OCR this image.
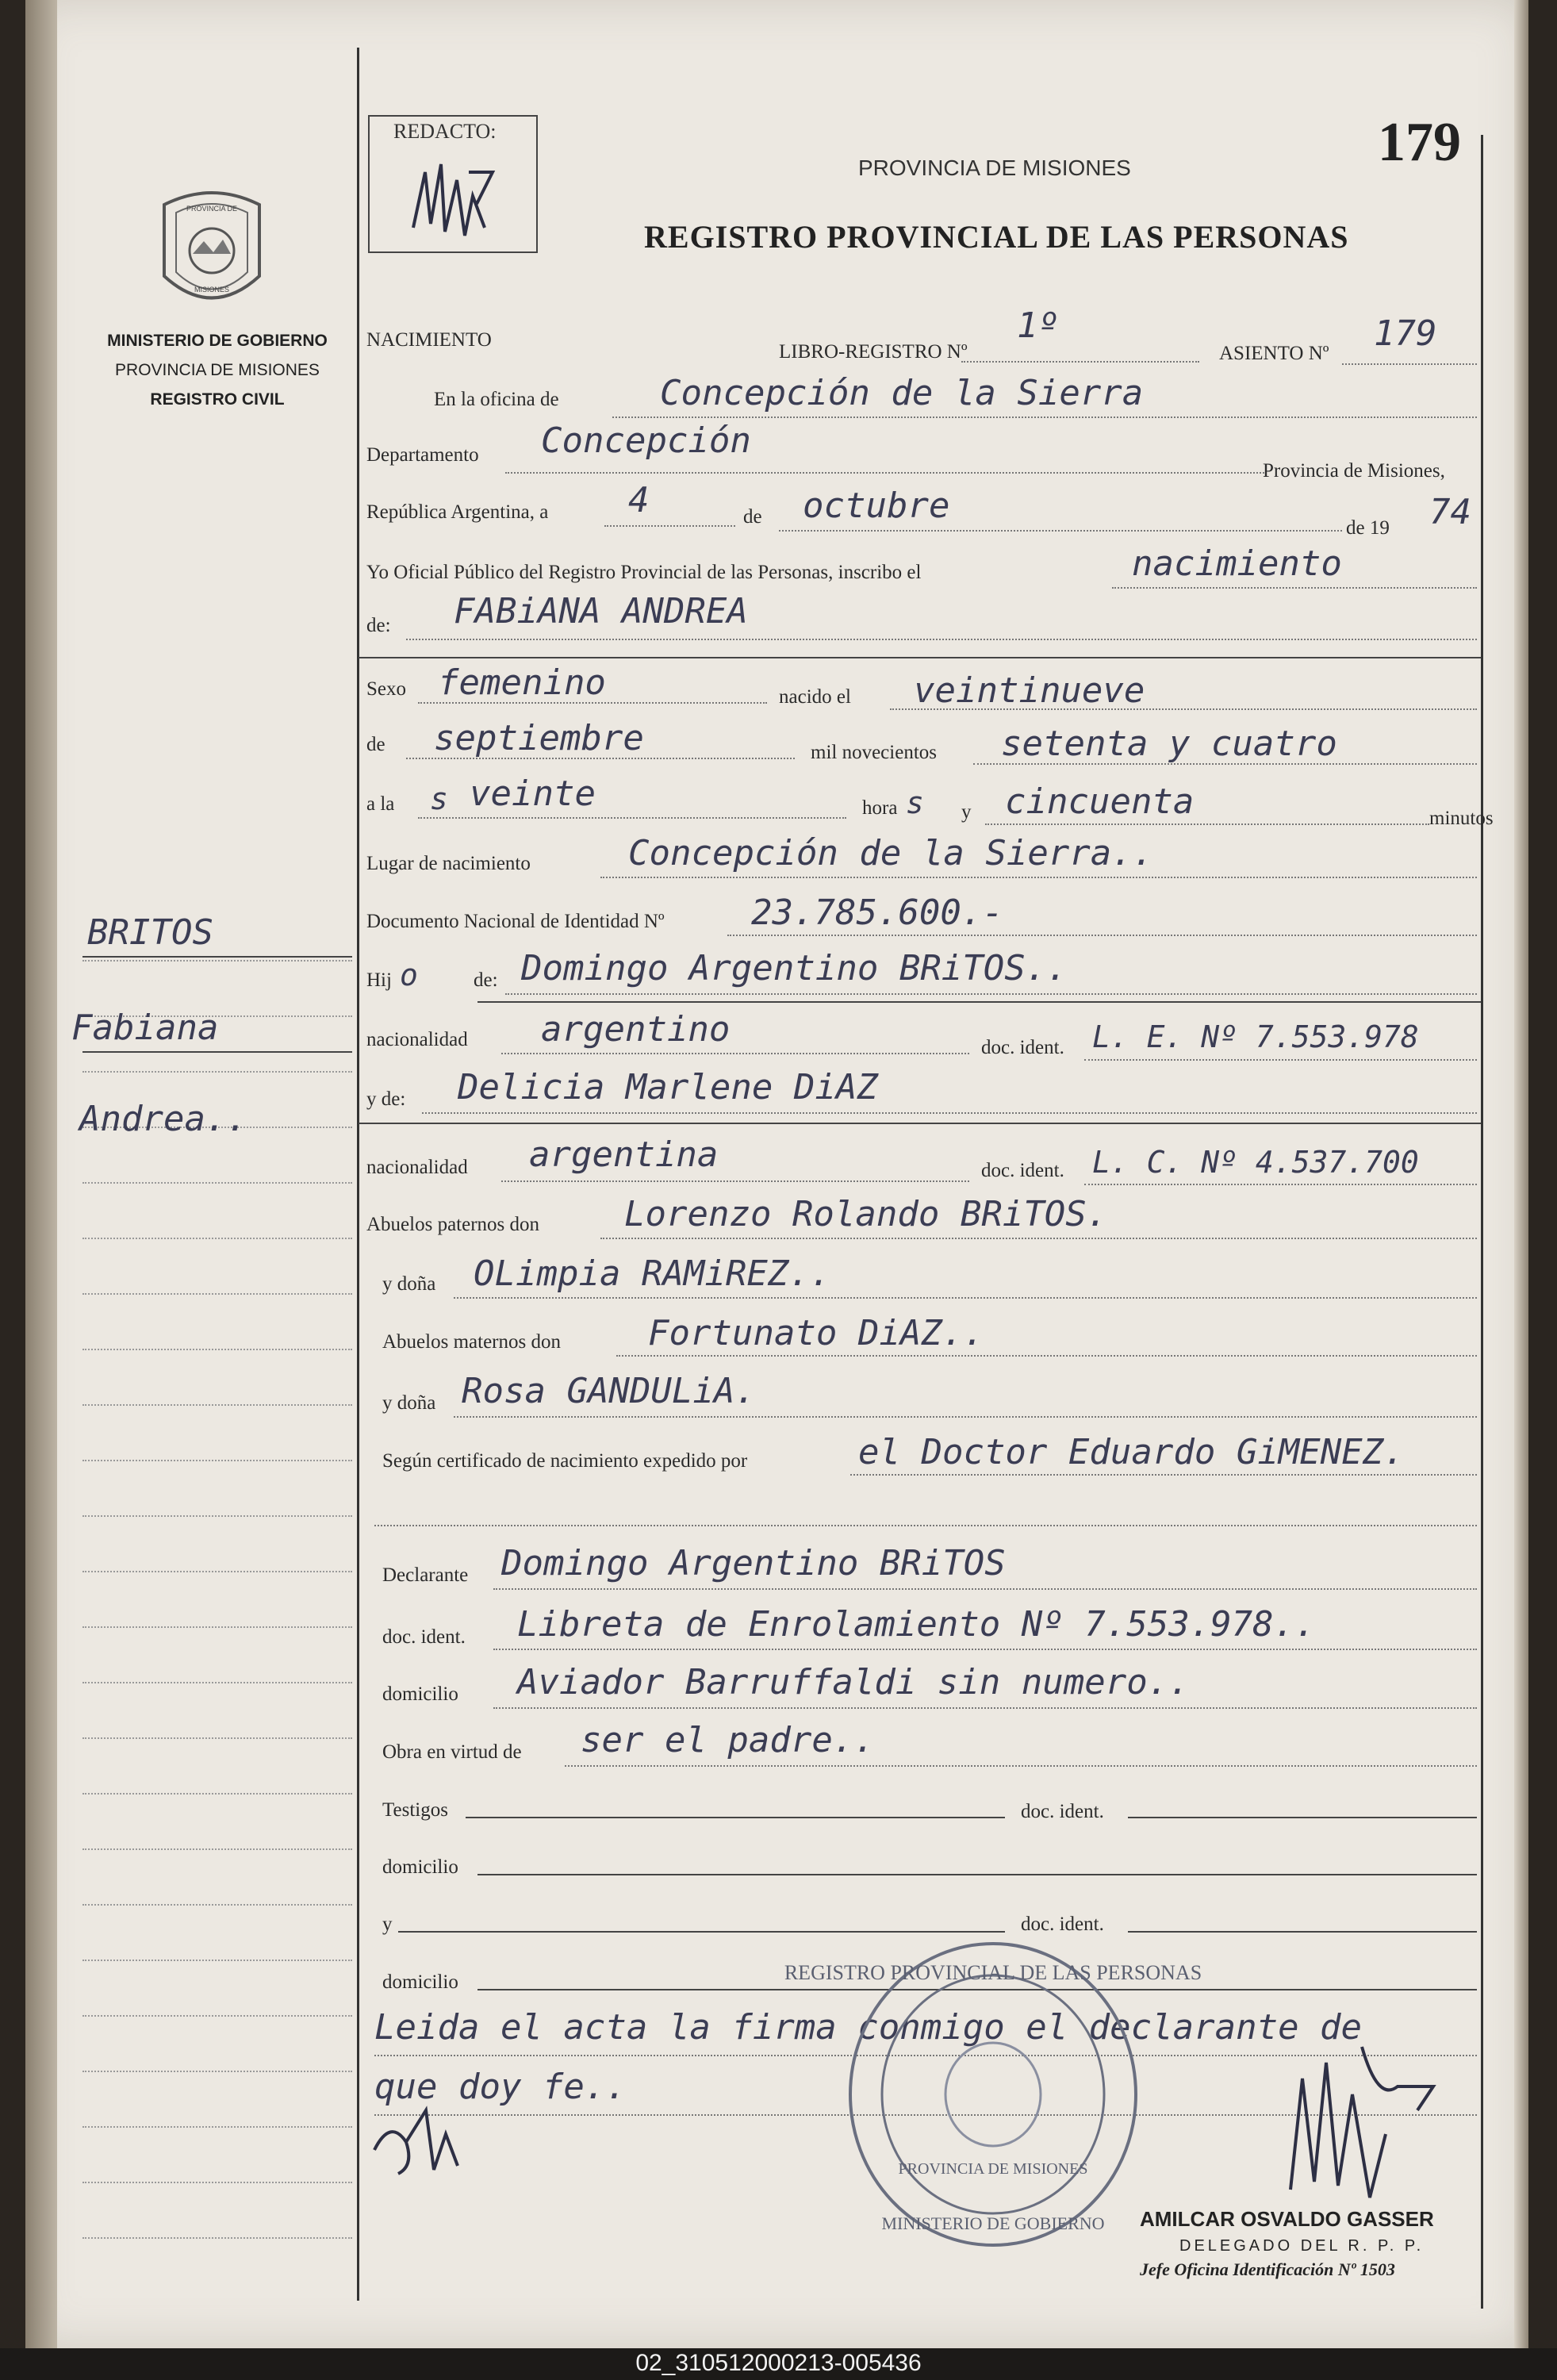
PROVINCIA DE
MISIONES
MINISTERIO DE GOBIERNO
PROVINCIA DE MISIONES
REGISTRO CIVIL
BRITOS
Fabiana
Andrea..
REDACTO:	179
PROVINCIA DE MISIONES
REGISTRO PROVINCIAL DE LAS PERSONAS
NACIMIENTO
LIBRO-REGISTRO Nº
1º
ASIENTO Nº 179
En la oficina de	Concepción de la Sierra
Departamento Concepción
Provincia de Misiones,
República Argentina, a 4	de octubre
de 19 74
Yo Oficial Público del Registro Provincial de las Personas, inscribo el	nacimiento
de: FABiANA ANDREA
Sexo femenino	nacido el veintinueve
de septiembre	mil novecientos setenta y cuatro
a la s veinte	hora s y cincuenta	minutos
Lugar de nacimiento	Concepción de la Sierra..
Documento Nacional de Identidad Nº 23.785.600.-
Hij o	de: Domingo Argentino BRiTOS..
nacionalidad argentino	doc. ident. L. E. Nº 7.553.978
y de: Delicia Marlene DiAZ
nacionalidad argentina	doc. ident. L. C. Nº 4.537.700
Abuelos paternos don Lorenzo Rolando BRiTOS.
y doña OLimpia RAMiREZ..
Abuelos maternos don	Fortunato DiAZ..
y doña Rosa GANDULiA.
Según certificado de nacimiento expedido por	el Doctor Eduardo GiMENEZ.
Declarante Domingo Argentino BRiTOS
doc. ident. Libreta de Enrolamiento Nº 7.553.978..
domicilio Aviador Barruffaldi sin numero..
Obra en virtud de ser el padre..
Testigos	doc. ident.
domicilio
y	doc. ident.
domicilio
Leida el acta la firma conmigo el declarante de
que doy fe..
REGISTRO PROVINCIAL DE LAS PERSONAS
PROVINCIA DE MISIONES
MINISTERIO DE GOBIERNO AMILCAR OSVALDO GASSER
DELEGADO DEL R. P. P.
Jefe Oficina Identificación Nº 1503
02_310512000213-005436
